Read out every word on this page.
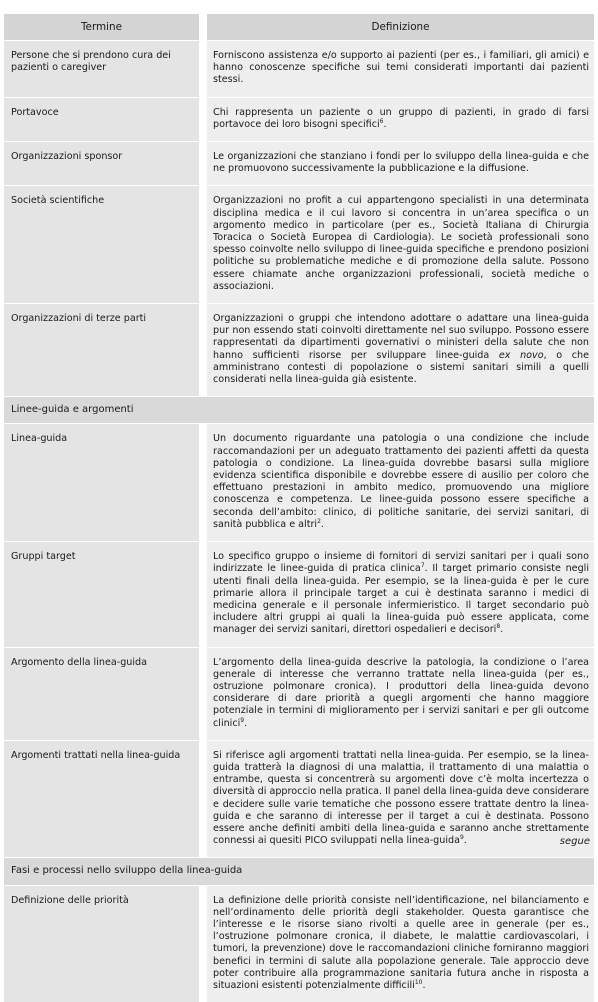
Termine		Definizione
Persone che si prendono cura dei pazienti o caregiver		Forniscono assistenza e/o supporto ai pazienti (per es., i familiari, gli amici) e hanno conoscenze specifiche sui temi considerati importanti dai pazienti stessi.
Portavoce		Chi rappresenta un paziente o un gruppo di pazienti, in grado di farsi portavoce dei loro bisogni specifici$^6$.
Organizzazioni sponsor		Le organizzazioni che stanziano i fondi per lo sviluppo della linea-guida e che ne promuovono successivamente la pubblicazione e la diffusione.
Società scientifiche		Organizzazioni no profit a cui appartengono specialisti in una determinata disciplina medica e il cui lavoro si concentra in un’area specifica o un argomento medico in particolare (per es., Società Italiana di Chirurgia Toracica o Società Europea di Cardiologia). Le società professionali sono spesso coinvolte nello sviluppo di linee-guida specifiche e prendono posizioni politiche su problematiche mediche e di promozione della salute. Possono essere chiamate anche organizzazioni professionali, società mediche o associazioni.
Organizzazioni di terze parti		Organizzazioni o gruppi che intendono adottare o adattare una linea-guida pur non essendo stati coinvolti direttamente nel suo sviluppo. Possono essere rappresentati da dipartimenti governativi o ministeri della salute che non hanno sufficienti risorse per sviluppare linee-guida ex novo, o che amministrano contesti di popolazione o sistemi sanitari simili a quelli considerati nella linea-guida già esistente.
Linee-guida e argomenti		
Linea-guida		Un documento riguardante una patologia o una condizione che include raccomandazioni per un adeguato trattamento dei pazienti affetti da questa patologia o condizione. La linea-guida dovrebbe basarsi sulla migliore evidenza scientifica disponibile e dovrebbe essere di ausilio per coloro che effettuano prestazioni in ambito medico, promuovendo una migliore conoscenza e competenza. Le linee-guida possono essere specifiche a seconda dell’ambito: clinico, di politiche sanitarie, dei servizi sanitari, di sanità pubblica e altri$^2$.
Gruppi target		Lo specifico gruppo o insieme di fornitori di servizi sanitari per i quali sono indirizzate le linee-guida di pratica clinica$^7$. Il target primario consiste negli utenti finali della linea-guida. Per esempio, se la linea-guida è per le cure primarie allora il principale target a cui è destinata saranno i medici di medicina generale e il personale infermieristico. Il target secondario può includere altri gruppi ai quali la linea-guida può essere applicata, come manager dei servizi sanitari, direttori ospedalieri e decisori$^8$.
Argomento della linea-guida		L’argomento della linea-guida descrive la patologia, la condizione o l’area generale di interesse che verranno trattate nella linea-guida (per es., ostruzione polmonare cronica). I produttori della linea-guida devono considerare di dare priorità a quegli argomenti che hanno maggiore potenziale in termini di miglioramento per i servizi sanitari e per gli outcome clinici$^9$.
Argomenti trattati nella linea-guida		Si riferisce agli argomenti trattati nella linea-guida. Per esempio, se la linea-guida tratterà la diagnosi di una malattia, il trattamento di una malattia o entrambe, questa si concentrerà su argomenti dove c’è molta incertezza o diversità di approccio nella pratica. Il panel della linea-guida deve considerare e decidere sulle varie tematiche che possono essere trattate dentro la linea-guida e che saranno di interesse per il target a cui è destinata. Possono essere anche definiti ambiti della linea-guida e saranno anche strettamente connessi ai quesiti PICO sviluppati nella linea-guida$^9$.
Fasi e processi nello sviluppo della linea-guida		
Definizione delle priorità		La definizione delle priorità consiste nell’identificazione, nel bilanciamento e nell’ordinamento delle priorità degli stakeholder. Questa garantisce che l’interesse e le risorse siano rivolti a quelle aree in generale (per es., l’ostruzione polmonare cronica, il diabete, le malattie cardiovascolari, i tumori, la prevenzione) dove le raccomandazioni cliniche forniranno maggiori benefici in termini di salute alla popolazione generale. Tale approccio deve poter contribuire alla programmazione sanitaria futura anche in risposta a situazioni esistenti potenzialmente difficili$^{10}$.
segue
